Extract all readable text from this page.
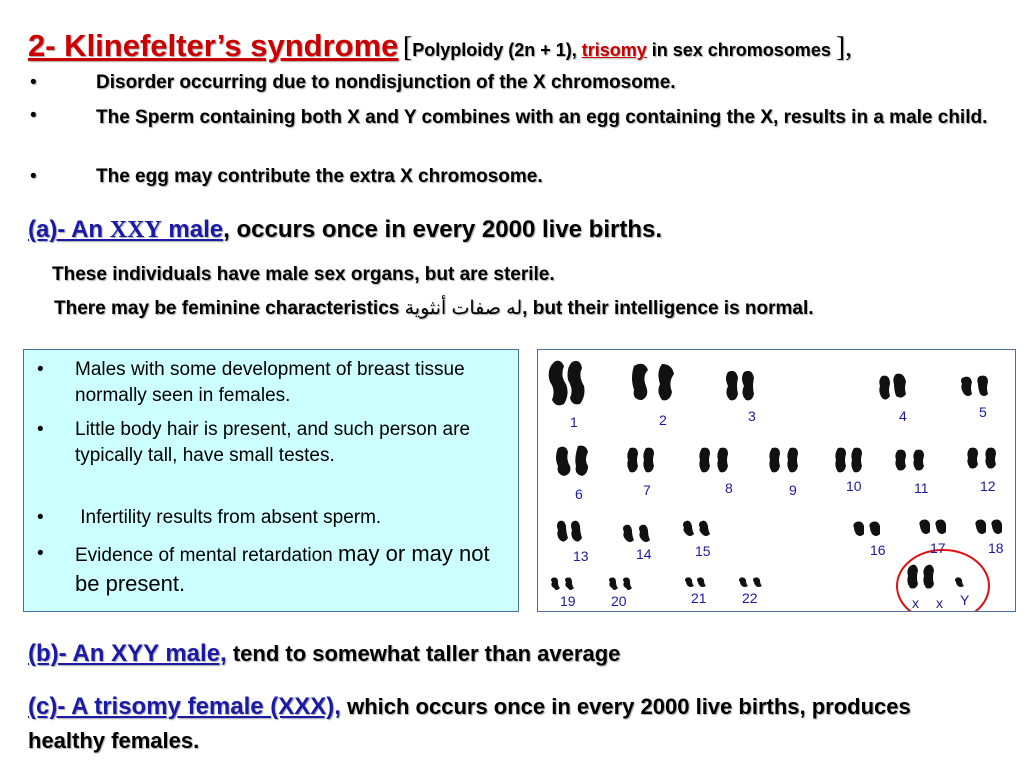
2- Klinefelter’s syndrome [Polyploidy (2n + 1), trisomy in sex chromosomes ],
•	Disorder occurring due to nondisjunction of the X chromosome.
•	The Sperm containing both X and Y combines with an egg containing the X, results in a male child.
•	The egg may contribute the extra X chromosome.
(a)- An XXY male, occurs once in every 2000 live births.
These individuals have male sex organs, but are sterile.
There may be feminine characteristics له صفات أنثوية, but their intelligence is normal.
• Males with some development of breast tissue normally seen in females.
• Little body hair is present, and such person are typically tall, have small testes.
• Infertility results from absent sperm.
• Evidence of mental retardation may or may not be present.
1	2	3	4	5
6	7	8	9	10	11	12
13	14	15	16	17	18
19	20	21	22	x x Y
(b)- An XYY male, tend to somewhat taller than average
(c)- A trisomy female (XXX), which occurs once in every 2000 live births, produces healthy females.
